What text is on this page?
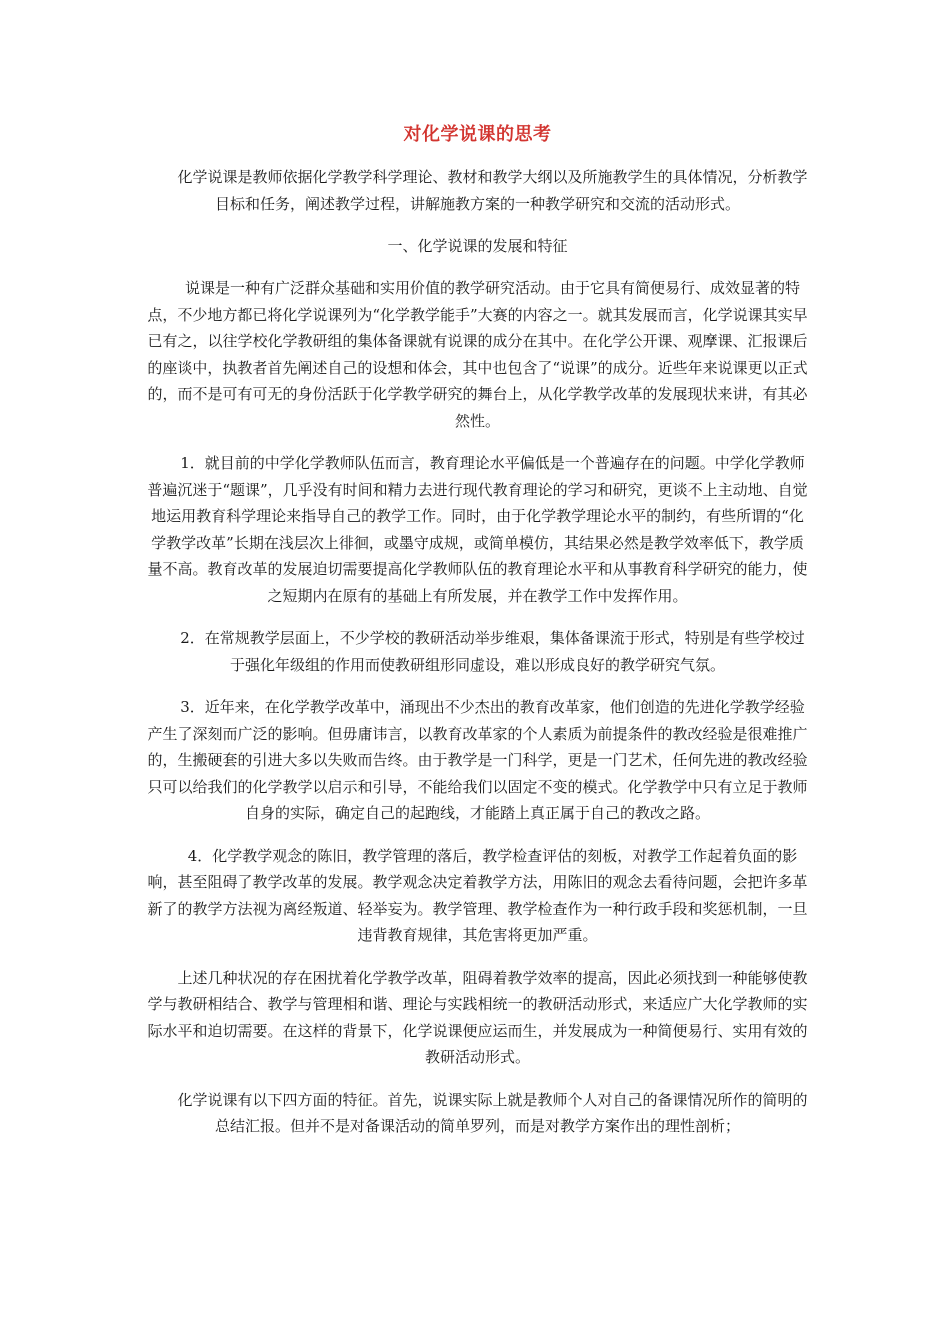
对化学说课的思考
　　化学说课是教师依据化学教学科学理论、教材和教学大纲以及所施教学生的具体情况，分析教学目标和任务，阐述教学过程，讲解施教方案的一种教学研究和交流的活动形式。
一、化学说课的发展和特征
　　说课是一种有广泛群众基础和实用价值的教学研究活动。由于它具有简便易行、成效显著的特点，不少地方都已将化学说课列为“化学教学能手”大赛的内容之一。就其发展而言，化学说课其实早已有之，以往学校化学教研组的集体备课就有说课的成分在其中。在化学公开课、观摩课、汇报课后的座谈中，执教者首先阐述自己的设想和体会，其中也包含了“说课”的成分。近些年来说课更以正式的，而不是可有可无的身份活跃于化学教学研究的舞台上，从化学教学改革的发展现状来讲，有其必然性。
　　1．就目前的中学化学教师队伍而言，教育理论水平偏低是一个普遍存在的问题。中学化学教师普遍沉迷于“题课”，几乎没有时间和精力去进行现代教育理论的学习和研究，更谈不上主动地、自觉地运用教育科学理论来指导自己的教学工作。同时，由于化学教学理论水平的制约，有些所谓的“化学教学改革”长期在浅层次上徘徊，或墨守成规，或简单模仿，其结果必然是教学效率低下，教学质量不高。教育改革的发展迫切需要提高化学教师队伍的教育理论水平和从事教育科学研究的能力，使之短期内在原有的基础上有所发展，并在教学工作中发挥作用。
　　2．在常规教学层面上，不少学校的教研活动举步维艰，集体备课流于形式，特别是有些学校过于强化年级组的作用而使教研组形同虚设，难以形成良好的教学研究气氛。
　　3．近年来，在化学教学改革中，涌现出不少杰出的教育改革家，他们创造的先进化学教学经验产生了深刻而广泛的影响。但毋庸讳言，以教育改革家的个人素质为前提条件的教改经验是很难推广的，生搬硬套的引进大多以失败而告终。由于教学是一门科学，更是一门艺术，任何先进的教改经验只可以给我们的化学教学以启示和引导，不能给我们以固定不变的模式。化学教学中只有立足于教师自身的实际，确定自己的起跑线，才能踏上真正属于自己的教改之路。
　　4．化学教学观念的陈旧，教学管理的落后，教学检查评估的刻板，对教学工作起着负面的影响，甚至阻碍了教学改革的发展。教学观念决定着教学方法，用陈旧的观念去看待问题，会把许多革新了的教学方法视为离经叛道、轻举妄为。教学管理、教学检查作为一种行政手段和奖惩机制，一旦违背教育规律，其危害将更加严重。
　　上述几种状况的存在困扰着化学教学改革，阻碍着教学效率的提高，因此必须找到一种能够使教学与教研相结合、教学与管理相和谐、理论与实践相统一的教研活动形式，来适应广大化学教师的实际水平和迫切需要。在这样的背景下，化学说课便应运而生，并发展成为一种简便易行、实用有效的教研活动形式。
　　化学说课有以下四方面的特征。首先，说课实际上就是教师个人对自己的备课情况所作的简明的总结汇报。但并不是对备课活动的简单罗列，而是对教学方案作出的理性剖析；
